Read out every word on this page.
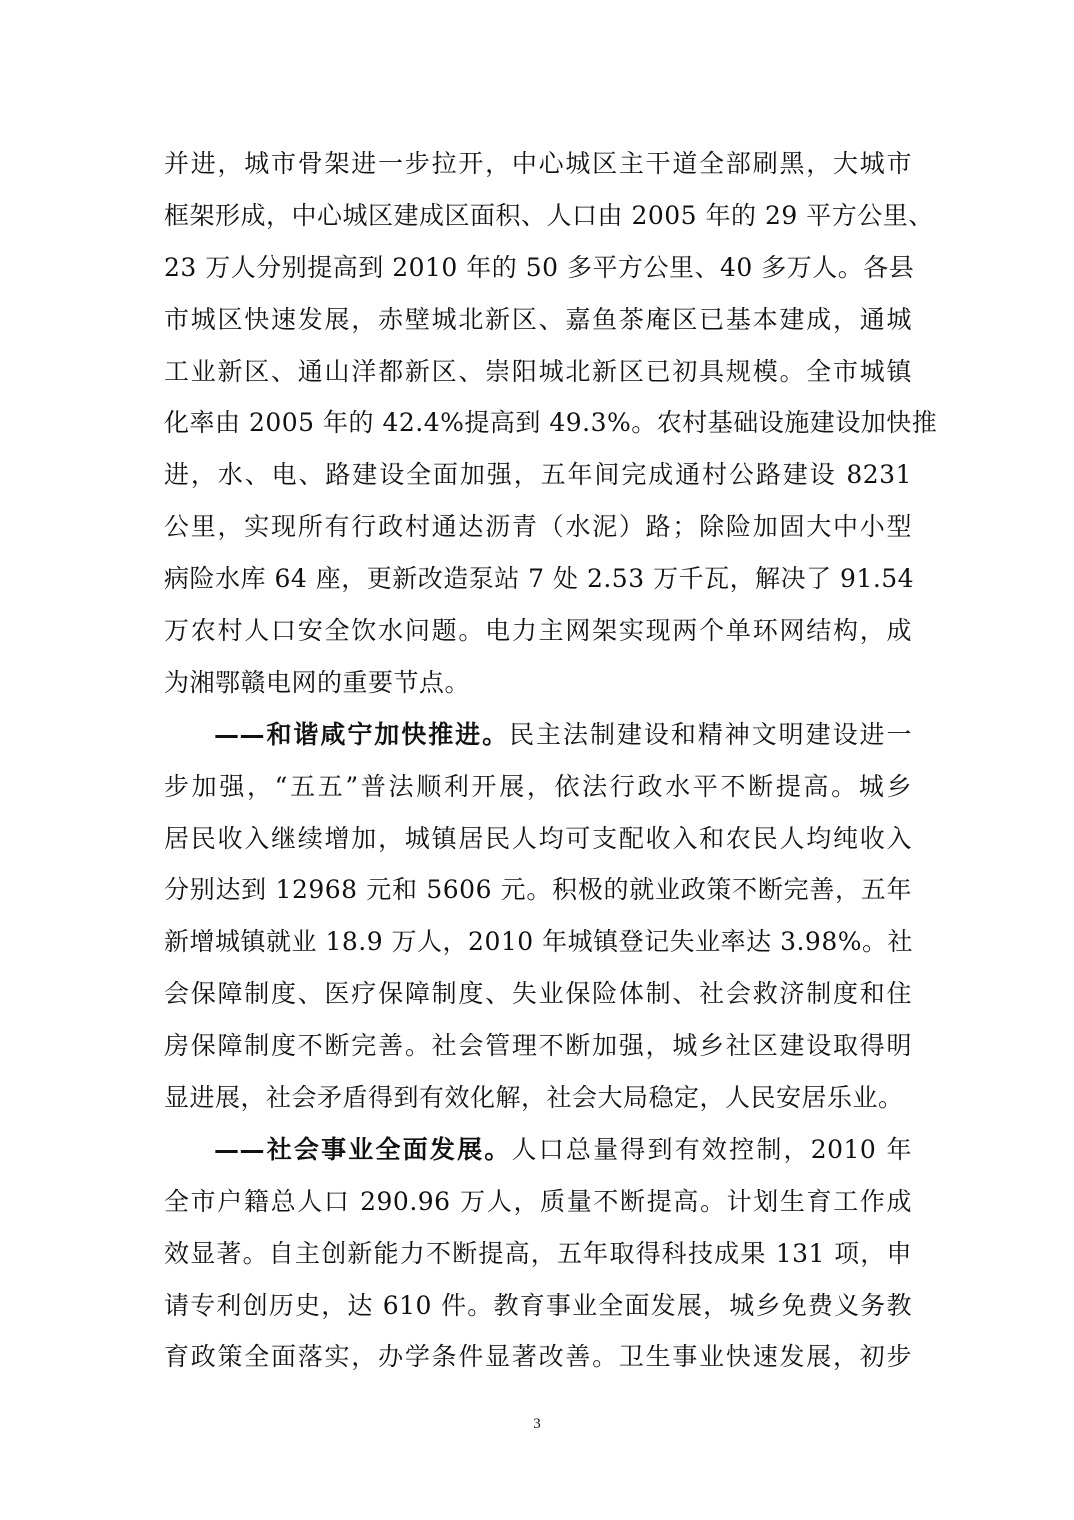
并进，城市骨架进一步拉开，中心城区主干道全部刷黑，大城市
框架形成，中心城区建成区面积、人口由 2005 年的 29 平方公里、
23 万人分别提高到 2010 年的 50 多平方公里、40 多万人。各县
市城区快速发展，赤壁城北新区、嘉鱼茶庵区已基本建成，通城
工业新区、通山洋都新区、崇阳城北新区已初具规模。全市城镇
化率由 2005 年的 42.4%提高到 49.3%。农村基础设施建设加快推
进，水、电、路建设全面加强，五年间完成通村公路建设 8231
公里，实现所有行政村通达沥青（水泥）路；除险加固大中小型
病险水库 64 座，更新改造泵站 7 处 2.53 万千瓦，解决了 91.54
万农村人口安全饮水问题。电力主网架实现两个单环网结构，成
为湘鄂赣电网的重要节点。
——和谐咸宁加快推进。民主法制建设和精神文明建设进一
步加强，“五五”普法顺利开展，依法行政水平不断提高。城乡
居民收入继续增加，城镇居民人均可支配收入和农民人均纯收入
分别达到 12968 元和 5606 元。积极的就业政策不断完善，五年
新增城镇就业 18.9 万人，2010 年城镇登记失业率达 3.98%。社
会保障制度、医疗保障制度、失业保险体制、社会救济制度和住
房保障制度不断完善。社会管理不断加强，城乡社区建设取得明
显进展，社会矛盾得到有效化解，社会大局稳定，人民安居乐业。
——社会事业全面发展。人口总量得到有效控制，2010 年
全市户籍总人口 290.96 万人，质量不断提高。计划生育工作成
效显著。自主创新能力不断提高，五年取得科技成果 131 项，申
请专利创历史，达 610 件。教育事业全面发展，城乡免费义务教
育政策全面落实，办学条件显著改善。卫生事业快速发展，初步
3
